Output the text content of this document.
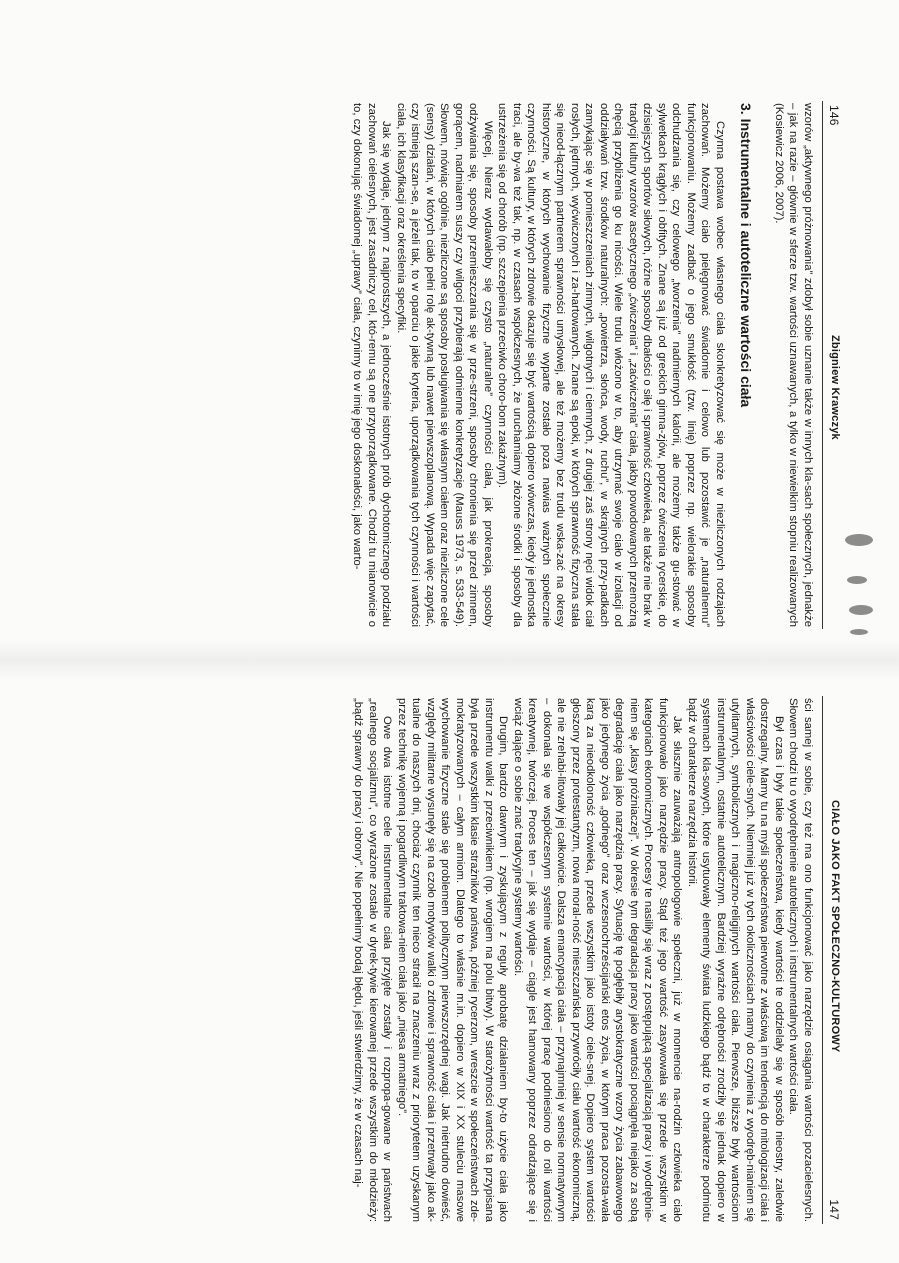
146
Zbigniew Krawczyk

wzorów „aktywnego próżnowania” zdobył sobie uznanie także w innych kla-sach społecznych, jednakże – jak na razie – głównie w sferze tzw. wartości uznawanych, a tylko w niewielkim stopniu realizowanych (Kosiewicz 2006, 2007).

3. Instrumentalne i autoteliczne wartości ciała

Czynna postawa wobec własnego ciała skonkretyzować się może w niezliczonych rodzajach zachowań. Możemy ciało pielęgnować świadomie i celowo lub pozostawić je „naturalnemu” funkcjonowaniu. Możemy zadbać o jego smukłość (tzw. linię) poprzez np. wielorakie sposoby odchudzania się, czy celowego „tworzenia” nadmiernych kalorii, ale możemy także gu-stować w sylwetkach krągłych i obfitych. Znane są już od greckich gimna-zjów, poprzez ćwiczenia rycerskie, do dzisiejszych sportów siłowych, różne sposoby dbałości o siłę i sprawność człowieka, ale także nie brak w tradycji kultury wzorów ascetycznego „ćwiczenia” i „zaćwiczenia” ciała, jakby powodowanych przemożną chęcią przybliżenia go ku nicości. Wiele trudu włożono w to, aby utrzymać swoje ciało w izolacji od oddziaływań tzw. środków naturalnych: „powietrza, słońca, wody, ruchu”, w skrajnych przy-padkach zamykając się w pomieszczeniach zimnych, wilgotnych i ciemnych, z drugiej zaś strony nęci widok ciał rosłych, jędrnych, wyćwiczonych i za-hartowanych. Znane są epoki, w których sprawność fizyczna stała się nieod-łącznym partnerem sprawności umysłowej, ale też możemy bez trudu wska-zać na okresy historyczne, w których wychowanie fizyczne wyparte zostało poza nawias ważnych społecznie czynności. Są kultury, w których zdrowie okazuje się być wartością dopiero wówczas, kiedy je jednostka traci, ale by-wa też tak, np. w czasach współczesnych, że uruchamiamy złożone środki i sposoby dla ustrzeżenia się od chorób (np. szczepienia przeciwko choro-bom zakaźnym).

Więcej, Nieraz wydawałoby się czysto „naturalne” czynności ciała, jak prokreacja, sposoby odżywiania się, sposoby przemieszczania się w prze-strzeni, sposoby chronienia się przed zimnem, gorącem, nadmiarem suszy czy wilgoci przybierają odmienne konkretyzacje (Mauss 1973, s. 533-549). Słowem, mówiąc ogólnie, niezliczone są sposoby posługiwania się własnym ciałem oraz niezliczone cele (sensy) działań, w których ciało pełni rolę ak-tywną lub nawet pierwszoplanową. Wypada więc zapytać, czy istnieją szan-se, a jeżeli tak, to w oparciu o jakie kryteria, uporządkowania tych czynności i wartości ciała, ich klasyfikacji oraz określenia specyfiki.

Jak się wydaje, jednym z najprostszych, a jednocześnie istotnych prób dychotomicznego podziału zachowań cielesnych, jest zasadniczy cel, któ-remu są one przyporządkowane. Chodzi tu mianowicie o to, czy dokonując świadomej „uprawy” ciała, czynimy to w imię jego doskonałości, jako warto-

CIAŁO JAKO FAKT SPOŁECZNO-KULTUROWY
147

ści samej w sobie, czy też ma ono funkcjonować jako narzędzie osiągania wartości pozacielesnych. Słowem chodzi tu o wyodrębnienie autotelicznych i instrumentalnych wartości ciała.

Był czas i były takie społeczeństwa, kiedy wartości te oddzielały się w sposób nieostry, zaledwie dostrzegalny. Mamy tu na myśli społeczeństwa pierwotne z właściwą im tendencją do mitologizacji ciała i właściwości ciele-snych. Niemniej już w tych okolicznościach mamy do czynienia z wyodręb-nianiem się utylitarnych, symbolicznych i magiczno-religijnych wartości ciała. Pierwsze, bliższe były wartościom instrumentalnym, ostatnie autotelicznym. Bardziej wyraźne odrębności zrodziły się jednak dopiero w systemach kla-sowych, które usytuowały elementy świata ludzkiego bądź to w charakterze podmiotu bądź w charakterze narzędzia historii.

Jak słusznie zauważają antropologowie społeczni, już w momencie na-rodzin człowieka ciało funkcjonowało jako narzędzie pracy. Stąd też jego wartość zasywowała się przede wszystkim w kategoriach ekonomicznych. Procesy te nasiliły się wraz z postępującą specjalizacją pracy i wyodrębnie-niem się „klasy próżniaczej”. W okresie tym degradacja pracy jako wartości pociągnęła niejako za sobą degradację ciała jako narzędzia pracy. Sytuację tę pogłębiły arystokratyczne wzory życia zabawowego jako jedynego życia „godnego” oraz wczesnochrześcijański etos życia, w którym praca pozosta-wała karą za nieodkoloność człowieka, przede wszystkim jako istoty ciele-snej. Dopiero system wartości głoszony przez protestantyzm, nowa moral-ność mieszczańska przywróciły ciału wartość ekonomiczną, ale nie zrehabi-litowały jej całkowicie. Dalsza emancypacja ciała – przynajmniej w sensie normatywnym – dokonała się we współczesnym systemie wartości, w której pracę podniesiono do roli wartości kreatywnej, twórczej. Proces ten – jak się wydaje – ciągle jest hamowany poprzez odradzające się i wciąż dające o sobie znać tradycyjne systemy wartości.

Drugim, bardzo dawnym i zyskującym z reguły aprobatę działaniem by-to użycie ciała jako instrumentu walki z przeciwnikiem (np. wrogiem na polu bitwy). W starożytności wartość ta przypisana była przede wszystkim klasie strażników państwa, później rycerzom, wreszcie w społeczeństwach zde-mokratyzowanych – całym armiom. Dlatego to właśnie m.in. dopiero w XIX i XX stuleciu masowe wychowanie fizyczne stało się problemem politycznym pierwszorzędnej wagi. Jak nietrudno dowieść, względy militarne wysunęły się na czoło motywów walki o zdrowie i sprawność ciała i przetrwały jako ak-tualne do naszych dni, chociaż czynnik ten nieco stracił na znaczeniu wraz z priorytetem uzyskanym przez technikę wojenną i pogardliwym traktowa-niem ciała jako „mięsa armatniego”.

Owe dwa istotne cele instrumentalne ciała przyjęte zostały i rozpropa-gowane w państwach „realnego socjalizmu”, co wyrażone zostało w dyrek-tywie kierowanej przede wszystkim do młodzieży: „bądź sprawny do pracy i obrony”. Nie popełnimy bodaj błędu, jeśli stwierdzimy, że w czasach naj-
